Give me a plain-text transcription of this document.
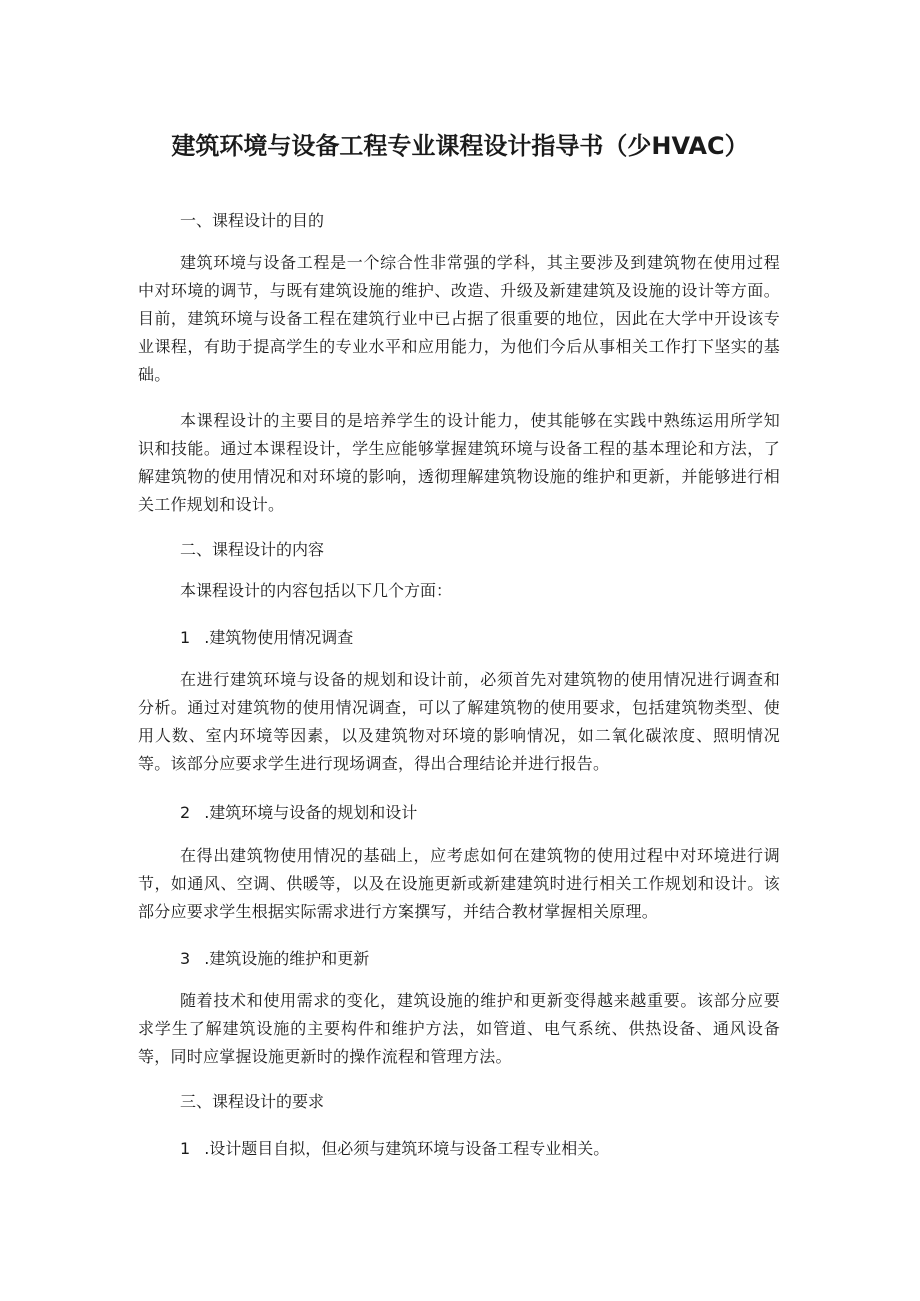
建筑环境与设备工程专业课程设计指导书（少HVAC）

一、课程设计的目的

建筑环境与设备工程是一个综合性非常强的学科，其主要涉及到建筑物在使用过程中对环境的调节，与既有建筑设施的维护、改造、升级及新建建筑及设施的设计等方面。目前，建筑环境与设备工程在建筑行业中已占据了很重要的地位，因此在大学中开设该专业课程，有助于提高学生的专业水平和应用能力，为他们今后从事相关工作打下坚实的基础。

本课程设计的主要目的是培养学生的设计能力，使其能够在实践中熟练运用所学知识和技能。通过本课程设计，学生应能够掌握建筑环境与设备工程的基本理论和方法，了解建筑物的使用情况和对环境的影响，透彻理解建筑物设施的维护和更新，并能够进行相关工作规划和设计。

二、课程设计的内容

本课程设计的内容包括以下几个方面：

1 .建筑物使用情况调查

在进行建筑环境与设备的规划和设计前，必须首先对建筑物的使用情况进行调查和分析。通过对建筑物的使用情况调查，可以了解建筑物的使用要求，包括建筑物类型、使用人数、室内环境等因素，以及建筑物对环境的影响情况，如二氧化碳浓度、照明情况等。该部分应要求学生进行现场调查，得出合理结论并进行报告。

2 .建筑环境与设备的规划和设计

在得出建筑物使用情况的基础上，应考虑如何在建筑物的使用过程中对环境进行调节，如通风、空调、供暖等，以及在设施更新或新建建筑时进行相关工作规划和设计。该部分应要求学生根据实际需求进行方案撰写，并结合教材掌握相关原理。

3 .建筑设施的维护和更新

随着技术和使用需求的变化，建筑设施的维护和更新变得越来越重要。该部分应要求学生了解建筑设施的主要构件和维护方法，如管道、电气系统、供热设备、通风设备等，同时应掌握设施更新时的操作流程和管理方法。

三、课程设计的要求

1 .设计题目自拟，但必须与建筑环境与设备工程专业相关。
